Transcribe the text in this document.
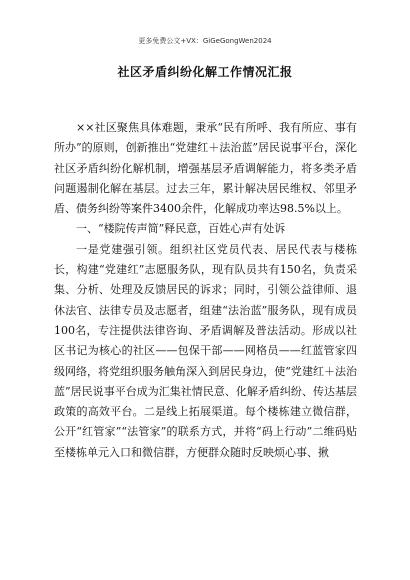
更多免费公文+VX：GiGeGongWen2024
社区矛盾纠纷化解工作情况汇报

××社区聚焦具体难题，秉承“民有所呼、我有所应、事有所办”的原则，创新推出“党建红＋法治蓝”居民说事平台，深化社区矛盾纠纷化解机制，增强基层矛盾调解能力，将多类矛盾问题遏制化解在基层。过去三年，累计解决居民维权、邻里矛盾、债务纠纷等案件3400余件，化解成功率达98.5%以上。

一、“楼院传声简”释民意，百姓心声有处诉

一是党建强引领。组织社区党员代表、居民代表与楼栋长，构建“党建红”志愿服务队，现有队员共有150名，负责采集、分析、处理及反馈居民的诉求；同时，引领公益律师、退休法官、法律专员及志愿者，组建“法治蓝”服务队，现有成员100名，专注提供法律咨询、矛盾调解及普法活动。形成以社区书记为核心的社区——包保干部——网格员——红蓝管家四级网络，将党组织服务触角深入到居民身边，使“党建红＋法治蓝”居民说事平台成为汇集社情民意、化解矛盾纠纷、传达基层政策的高效平台。二是线上拓展渠道。每个楼栋建立微信群，公开“红管家”“法管家”的联系方式，并将“码上行动”二维码贴至楼栋单元入口和微信群，方便群众随时反映烦心事、揪
